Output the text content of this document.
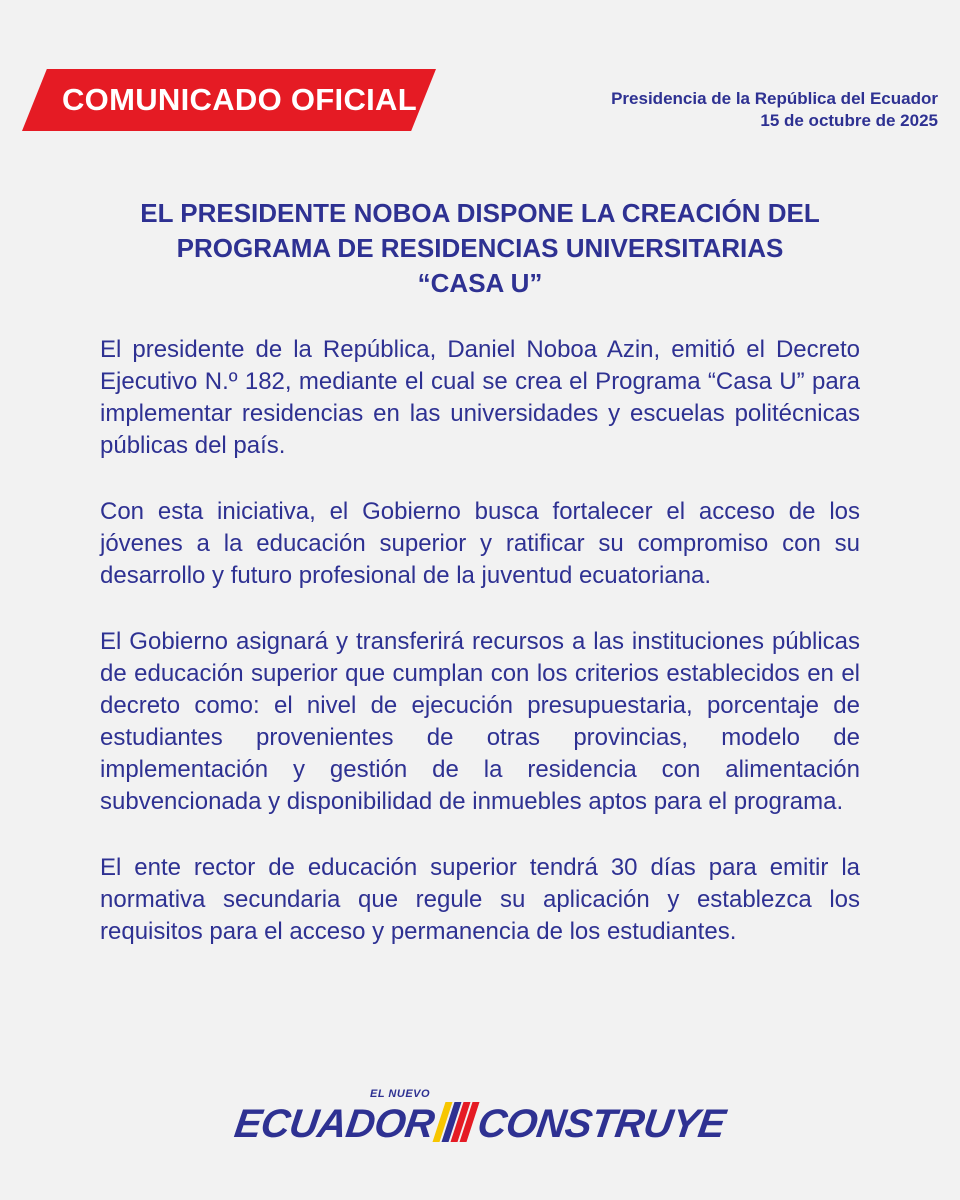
COMUNICADO OFICIAL	Presidencia de la República del Ecuador
15 de octubre de 2025
EL PRESIDENTE NOBOA DISPONE LA CREACIÓN DEL
PROGRAMA DE RESIDENCIAS UNIVERSITARIAS
“CASA U”

El presidente de la República, Daniel Noboa Azin, emitió el Decreto Ejecutivo N.º 182, mediante el cual se crea el Programa “Casa U” para implementar residencias en las universidades y escuelas politécnicas públicas del país.

Con esta iniciativa, el Gobierno busca fortalecer el acceso de los jóvenes a la educación superior y ratificar su compromiso con su desarrollo y futuro profesional de la juventud ecuatoriana.

El Gobierno asignará y transferirá recursos a las instituciones públicas de educación superior que cumplan con los criterios establecidos en el decreto como: el nivel de ejecución presupuestaria, porcentaje de estudiantes provenientes de otras provincias, modelo de implementación y gestión de la residencia con alimentación subvencionada y disponibilidad de inmuebles aptos para el programa.

El ente rector de educación superior tendrá 30 días para emitir la normativa secundaria que regule su aplicación y establezca los requisitos para el acceso y permanencia de los estudiantes.

EL NUEVO
ECUADOR CONSTRUYE
